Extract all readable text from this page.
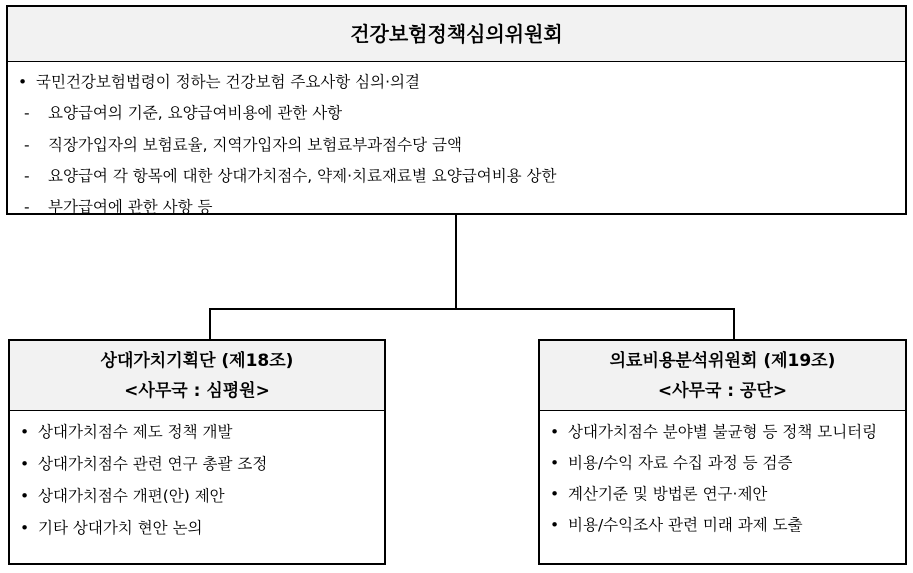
건강보험정책심의위원회
• 국민건강보험법령이 정하는 건강보험 주요사항 심의·의결
-	요양급여의 기준, 요양급여비용에 관한 사항
-	직장가입자의 보험료율, 지역가입자의 보험료부과점수당 금액
-	요양급여 각 항목에 대한 상대가치점수, 약제·치료재료별 요양급여비용 상한
-	부가급여에 관한 사항 등
상대가치기획단 (제18조)
<사무국 : 심평원>
• 상대가치점수 제도 정책 개발
• 상대가치점수 관련 연구 총괄 조정
• 상대가치점수 개편(안) 제안
• 기타 상대가치 현안 논의
의료비용분석위원회 (제19조)
<사무국 : 공단>
• 상대가치점수 분야별 불균형 등 정책 모니터링
• 비용/수익 자료 수집 과정 등 검증
• 계산기준 및 방법론 연구·제안
• 비용/수익조사 관련 미래 과제 도출
